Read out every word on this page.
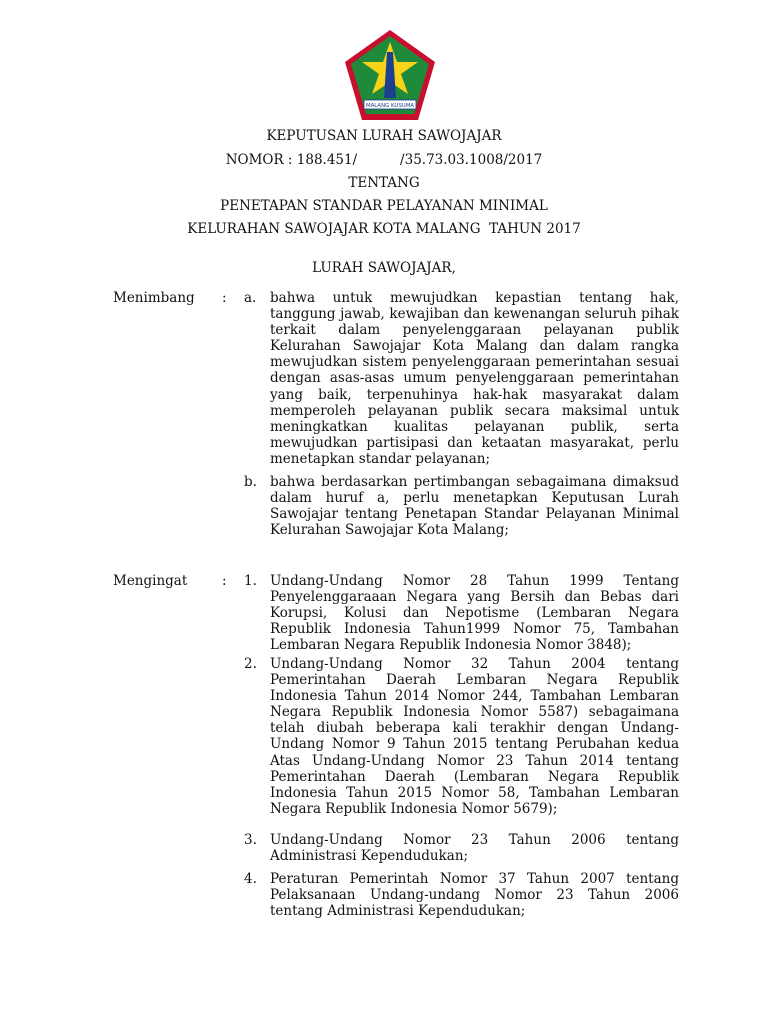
MALANG KUSUMA
KEPUTUSAN LURAH SAWOJAJAR
NOMOR : 188.451/          /35.73.03.1008/2017
TENTANG
PENETAPAN STANDAR PELAYANAN MINIMAL
KELURAHAN SAWOJAJAR KOTA MALANG  TAHUN 2017
LURAH SAWOJAJAR,
Menimbang : a. bahwa untuk mewujudkan kepastian tentang hak, tanggung jawab, kewajiban dan kewenangan seluruh pihak terkait dalam penyelenggaraan pelayanan publik Kelurahan Sawojajar Kota Malang dan dalam rangka mewujudkan sistem penyelenggaraan pemerintahan sesuai dengan asas-asas umum penyelenggaraan pemerintahan yang baik, terpenuhinya hak-hak masyarakat dalam memperoleh pelayanan publik secara maksimal untuk meningkatkan kualitas pelayanan publik, serta mewujudkan partisipasi dan ketaatan masyarakat, perlu menetapkan standar pelayanan;
b. bahwa berdasarkan pertimbangan sebagaimana dimaksud dalam huruf a, perlu menetapkan Keputusan Lurah Sawojajar tentang Penetapan Standar Pelayanan Minimal Kelurahan Sawojajar Kota Malang;
Mengingat	: 1. Undang-Undang Nomor 28 Tahun 1999 Tentang Penyelenggaraaan Negara yang Bersih dan Bebas dari Korupsi, Kolusi dan Nepotisme (Lembaran Negara Republik Indonesia Tahun1999 Nomor 75, Tambahan Lembaran Negara Republik Indonesia Nomor 3848);
2. Undang-Undang Nomor 32 Tahun 2004 tentang Pemerintahan Daerah Lembaran Negara Republik Indonesia Tahun 2014 Nomor 244, Tambahan Lembaran Negara Republik Indonesia Nomor 5587) sebagaimana telah diubah beberapa kali terakhir dengan Undang-Undang Nomor 9 Tahun 2015 tentang Perubahan kedua Atas Undang-Undang Nomor 23 Tahun 2014 tentang Pemerintahan Daerah (Lembaran Negara Republik Indonesia Tahun 2015 Nomor 58, Tambahan Lembaran Negara Republik Indonesia Nomor 5679);
3. Undang-Undang Nomor 23 Tahun 2006 tentang Administrasi Kependudukan;
4. Peraturan Pemerintah Nomor 37 Tahun 2007 tentang Pelaksanaan Undang-undang Nomor 23 Tahun 2006 tentang Administrasi Kependudukan;
